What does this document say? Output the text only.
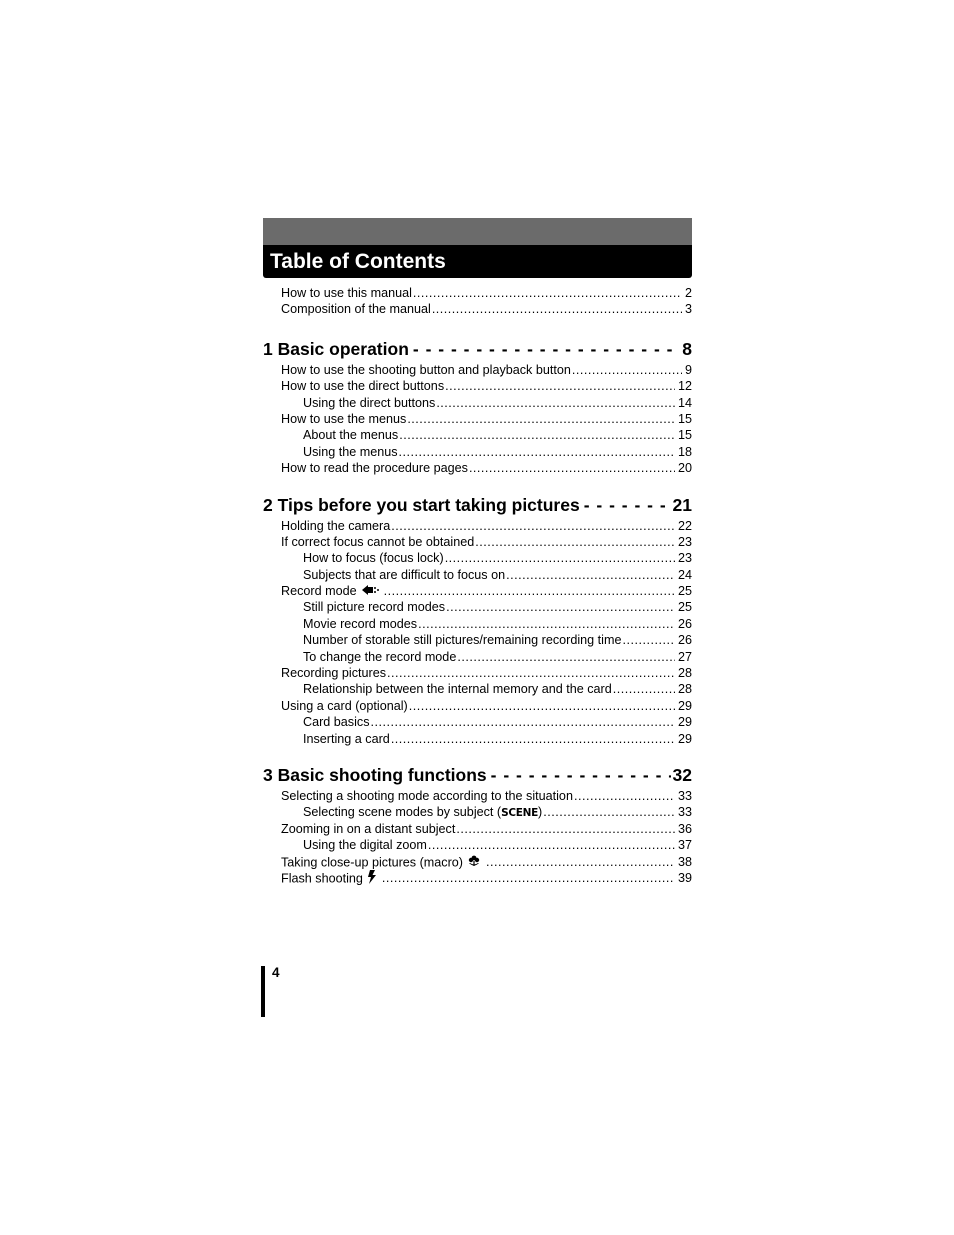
Table of Contents
How to use this manual .....	2
Composition of the manual .....	3
1 Basic operation - - -	8
How to use the shooting button and playback button .....	9
How to use the direct buttons .....	12
Using the direct buttons .....	14
How to use the menus .....	15
About the menus .....	15
Using the menus .....	18
How to read the procedure pages .....	20
2 Tips before you start taking pictures - - -	21
Holding the camera .....	22
If correct focus cannot be obtained .....	23
How to focus (focus lock) .....	23
Subjects that are difficult to focus on .....	24
Record mode .....	25
Still picture record modes .....	25
Movie record modes .....	26
Number of storable still pictures/remaining recording time .....	26
To change the record mode .....	27
Recording pictures .....	28
Relationship between the internal memory and the card .....	28
Using a card (optional) .....	29
Card basics .....	29
Inserting a card .....	29
3 Basic shooting functions - - -	32
Selecting a shooting mode according to the situation .....	33
Selecting scene modes by subject (SCENE) .....	33
Zooming in on a distant subject .....	36
Using the digital zoom .....	37
Taking close-up pictures (macro) .....	38
Flash shooting .....	39
4
